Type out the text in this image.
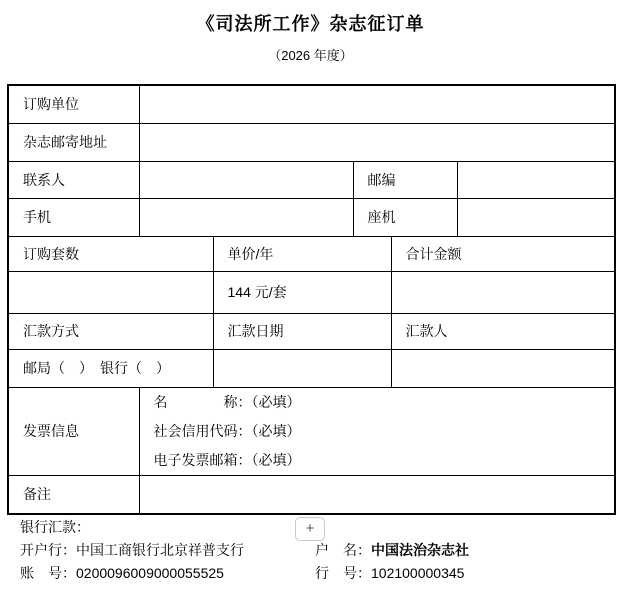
《司法所工作》杂志征订单
（2026 年度）
订购单位					
杂志邮寄地址					
联系人			邮编		
手机			座机		
订购套数		单价/年		合计金额	
		144 元/套			
汇款方式		汇款日期		汇款人	
邮局（　）　银行（　）					
发票信息	名　　　　称：（必填）
社会信用代码：（必填）
电子发票邮箱：（必填）				

备注					
+
银行汇款：
开户行：中国工商银行北京祥普支行	户　名：中国法治杂志社
账　号：0200096009000055525	行　号：102100000345
